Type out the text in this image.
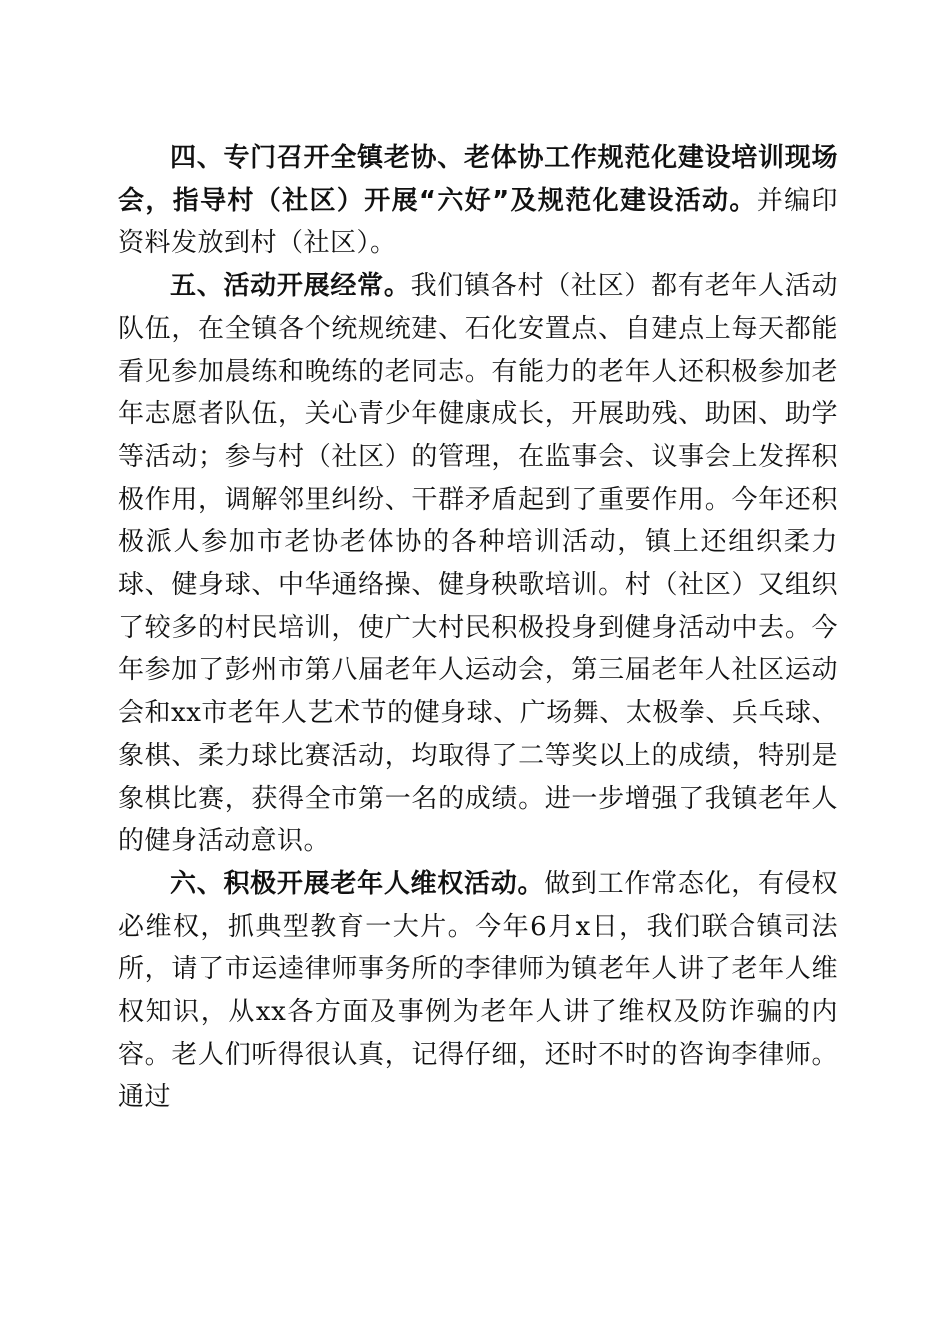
四、专门召开全镇老协、老体协工作规范化建设培训现场会，指导村（社区）开展“六好”及规范化建设活动。并编印资料发放到村（社区）。

五、活动开展经常。我们镇各村（社区）都有老年人活动队伍，在全镇各个统规统建、石化安置点、自建点上每天都能看见参加晨练和晚练的老同志。有能力的老年人还积极参加老年志愿者队伍，关心青少年健康成长，开展助残、助困、助学等活动；参与村（社区）的管理，在监事会、议事会上发挥积极作用，调解邻里纠纷、干群矛盾起到了重要作用。今年还积极派人参加市老协老体协的各种培训活动，镇上还组织柔力球、健身球、中华通络操、健身秧歌培训。村（社区）又组织了较多的村民培训，使广大村民积极投身到健身活动中去。今年参加了彭州市第八届老年人运动会，第三届老年人社区运动会和xx市老年人艺术节的健身球、广场舞、太极拳、兵乓球、象棋、柔力球比赛活动，均取得了二等奖以上的成绩，特别是象棋比赛，获得全市第一名的成绩。进一步增强了我镇老年人的健身活动意识。

六、积极开展老年人维权活动。做到工作常态化，有侵权必维权，抓典型教育一大片。今年6月x日，我们联合镇司法所，请了市运逵律师事务所的李律师为镇老年人讲了老年人维权知识，从xx各方面及事例为老年人讲了维权及防诈骗的内容。老人们听得很认真，记得仔细，还时不时的咨询李律师。通过
